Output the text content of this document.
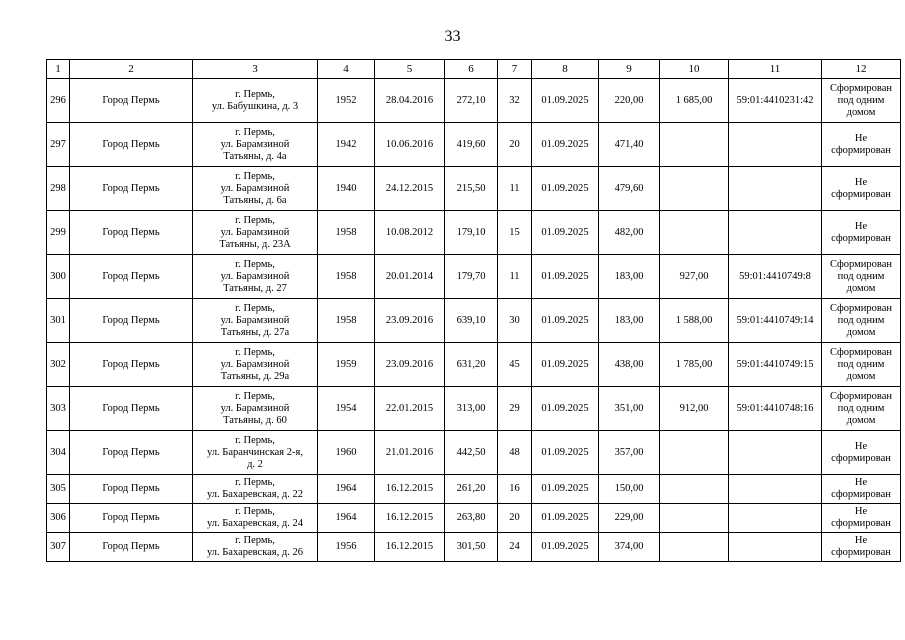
33
1	2	3	4	5	6	7	8	9	10	11	12
296	Город Пермь	г. Пермь,
ул. Бабушкина, д. 3	1952	28.04.2016	272,10	32	01.09.2025	220,00	1 685,00	59:01:4410231:42	Сформирован
под одним
домом
297	Город Пермь	г. Пермь,
ул. Барамзиной
Татьяны, д. 4а	1942	10.06.2016	419,60	20	01.09.2025	471,40			Не
сформирован
298	Город Пермь	г. Пермь,
ул. Барамзиной
Татьяны, д. 6а	1940	24.12.2015	215,50	11	01.09.2025	479,60			Не
сформирован
299	Город Пермь	г. Пермь,
ул. Барамзиной
Татьяны, д. 23А	1958	10.08.2012	179,10	15	01.09.2025	482,00			Не
сформирован
300	Город Пермь	г. Пермь,
ул. Барамзиной
Татьяны, д. 27	1958	20.01.2014	179,70	11	01.09.2025	183,00	927,00	59:01:4410749:8	Сформирован
под одним
домом
301	Город Пермь	г. Пермь,
ул. Барамзиной
Татьяны, д. 27а	1958	23.09.2016	639,10	30	01.09.2025	183,00	1 588,00	59:01:4410749:14	Сформирован
под одним
домом
302	Город Пермь	г. Пермь,
ул. Барамзиной
Татьяны, д. 29а	1959	23.09.2016	631,20	45	01.09.2025	438,00	1 785,00	59:01:4410749:15	Сформирован
под одним
домом
303	Город Пермь	г. Пермь,
ул. Барамзиной
Татьяны, д. 60	1954	22.01.2015	313,00	29	01.09.2025	351,00	912,00	59:01:4410748:16	Сформирован
под одним
домом
304	Город Пермь	г. Пермь,
ул. Баранчинская 2-я,
д. 2	1960	21.01.2016	442,50	48	01.09.2025	357,00			Не
сформирован
305	Город Пермь	г. Пермь,
ул. Бахаревская, д. 22	1964	16.12.2015	261,20	16	01.09.2025	150,00			Не
сформирован
306	Город Пермь	г. Пермь,
ул. Бахаревская, д. 24	1964	16.12.2015	263,80	20	01.09.2025	229,00			Не
сформирован
307	Город Пермь	г. Пермь,
ул. Бахаревская, д. 26	1956	16.12.2015	301,50	24	01.09.2025	374,00			Не
сформирован
